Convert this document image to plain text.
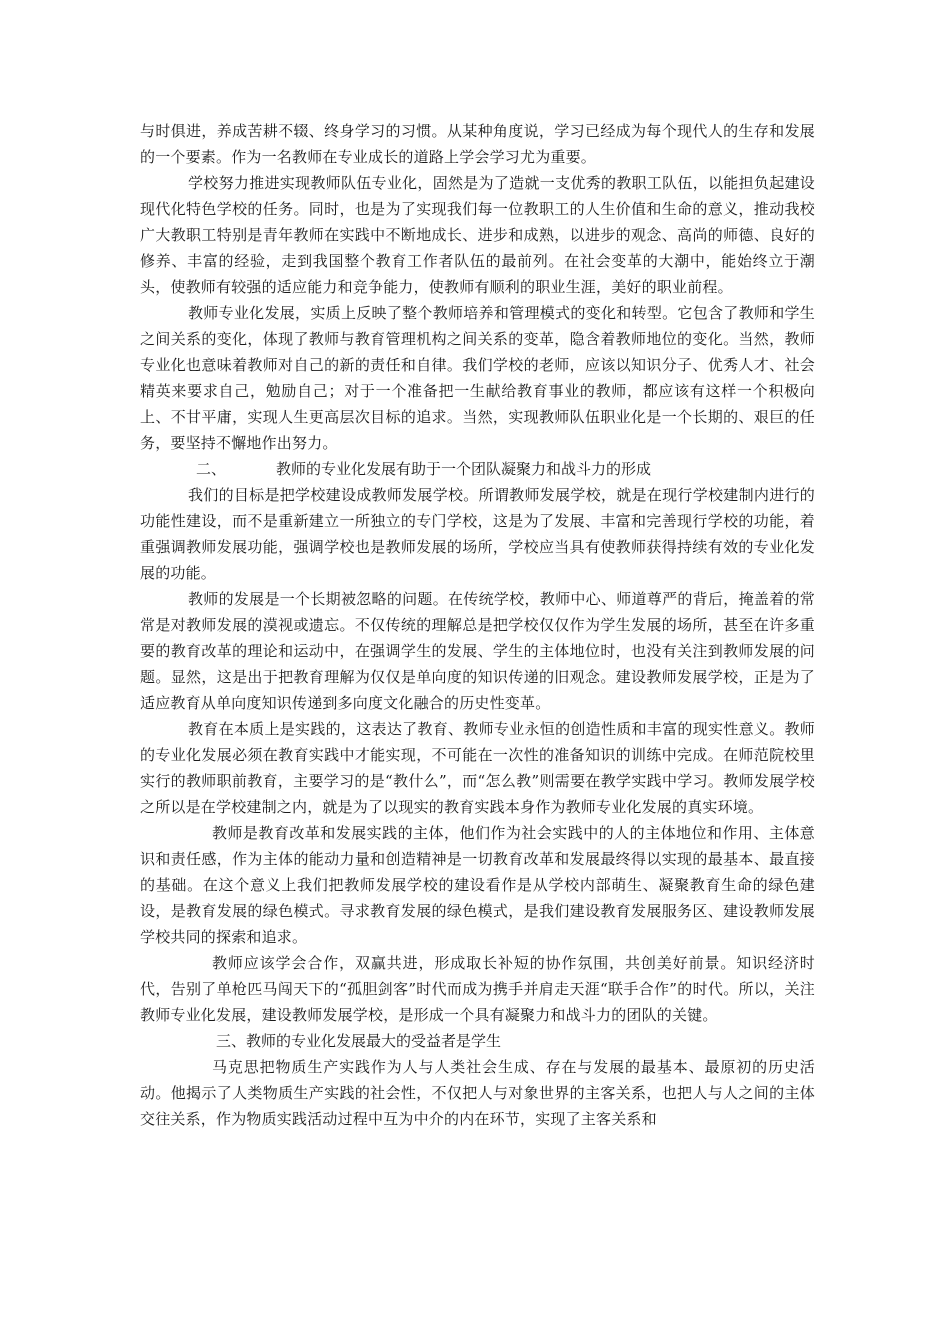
与时俱进，养成苦耕不辍、终身学习的习惯。从某种角度说，学习已经成为每个现代人的生存和发展的一个要素。作为一名教师在专业成长的道路上学会学习尤为重要。

学校努力推进实现教师队伍专业化，固然是为了造就一支优秀的教职工队伍，以能担负起建设现代化特色学校的任务。同时，也是为了实现我们每一位教职工的人生价值和生命的意义，推动我校广大教职工特别是青年教师在实践中不断地成长、进步和成熟，以进步的观念、高尚的师德、良好的修养、丰富的经验，走到我国整个教育工作者队伍的最前列。在社会变革的大潮中，能始终立于潮头，使教师有较强的适应能力和竞争能力，使教师有顺利的职业生涯，美好的职业前程。

教师专业化发展，实质上反映了整个教师培养和管理模式的变化和转型。它包含了教师和学生之间关系的变化，体现了教师与教育管理机构之间关系的变革，隐含着教师地位的变化。当然，教师专业化也意味着教师对自己的新的责任和自律。我们学校的老师，应该以知识分子、优秀人才、社会精英来要求自己，勉励自己；对于一个准备把一生献给教育事业的教师，都应该有这样一个积极向上、不甘平庸，实现人生更高层次目标的追求。当然，实现教师队伍职业化是一个长期的、艰巨的任务，要坚持不懈地作出努力。

二、	教师的专业化发展有助于一个团队凝聚力和战斗力的形成

我们的目标是把学校建设成教师发展学校。所谓教师发展学校，就是在现行学校建制内进行的功能性建设，而不是重新建立一所独立的专门学校，这是为了发展、丰富和完善现行学校的功能，着重强调教师发展功能，强调学校也是教师发展的场所，学校应当具有使教师获得持续有效的专业化发展的功能。

教师的发展是一个长期被忽略的问题。在传统学校，教师中心、师道尊严的背后，掩盖着的常常是对教师发展的漠视或遗忘。不仅传统的理解总是把学校仅仅作为学生发展的场所，甚至在许多重要的教育改革的理论和运动中，在强调学生的发展、学生的主体地位时，也没有关注到教师发展的问题。显然，这是出于把教育理解为仅仅是单向度的知识传递的旧观念。建设教师发展学校，正是为了适应教育从单向度知识传递到多向度文化融合的历史性变革。

教育在本质上是实践的，这表达了教育、教师专业永恒的创造性质和丰富的现实性意义。教师的专业化发展必须在教育实践中才能实现，不可能在一次性的准备知识的训练中完成。在师范院校里实行的教师职前教育，主要学习的是“教什么”，而“怎么教”则需要在教学实践中学习。教师发展学校之所以是在学校建制之内，就是为了以现实的教育实践本身作为教师专业化发展的真实环境。

教师是教育改革和发展实践的主体，他们作为社会实践中的人的主体地位和作用、主体意识和责任感，作为主体的能动力量和创造精神是一切教育改革和发展最终得以实现的最基本、最直接的基础。在这个意义上我们把教师发展学校的建设看作是从学校内部萌生、凝聚教育生命的绿色建设，是教育发展的绿色模式。寻求教育发展的绿色模式，是我们建设教育发展服务区、建设教师发展学校共同的探索和追求。

教师应该学会合作，双赢共进，形成取长补短的协作氛围，共创美好前景。知识经济时代，告别了单枪匹马闯天下的“孤胆剑客”时代而成为携手并肩走天涯“联手合作”的时代。所以，关注教师专业化发展，建设教师发展学校，是形成一个具有凝聚力和战斗力的团队的关键。

三、教师的专业化发展最大的受益者是学生

马克思把物质生产实践作为人与人类社会生成、存在与发展的最基本、最原初的历史活动。他揭示了人类物质生产实践的社会性，不仅把人与对象世界的主客关系，也把人与人之间的主体交往关系，作为物质实践活动过程中互为中介的内在环节，实现了主客关系和
